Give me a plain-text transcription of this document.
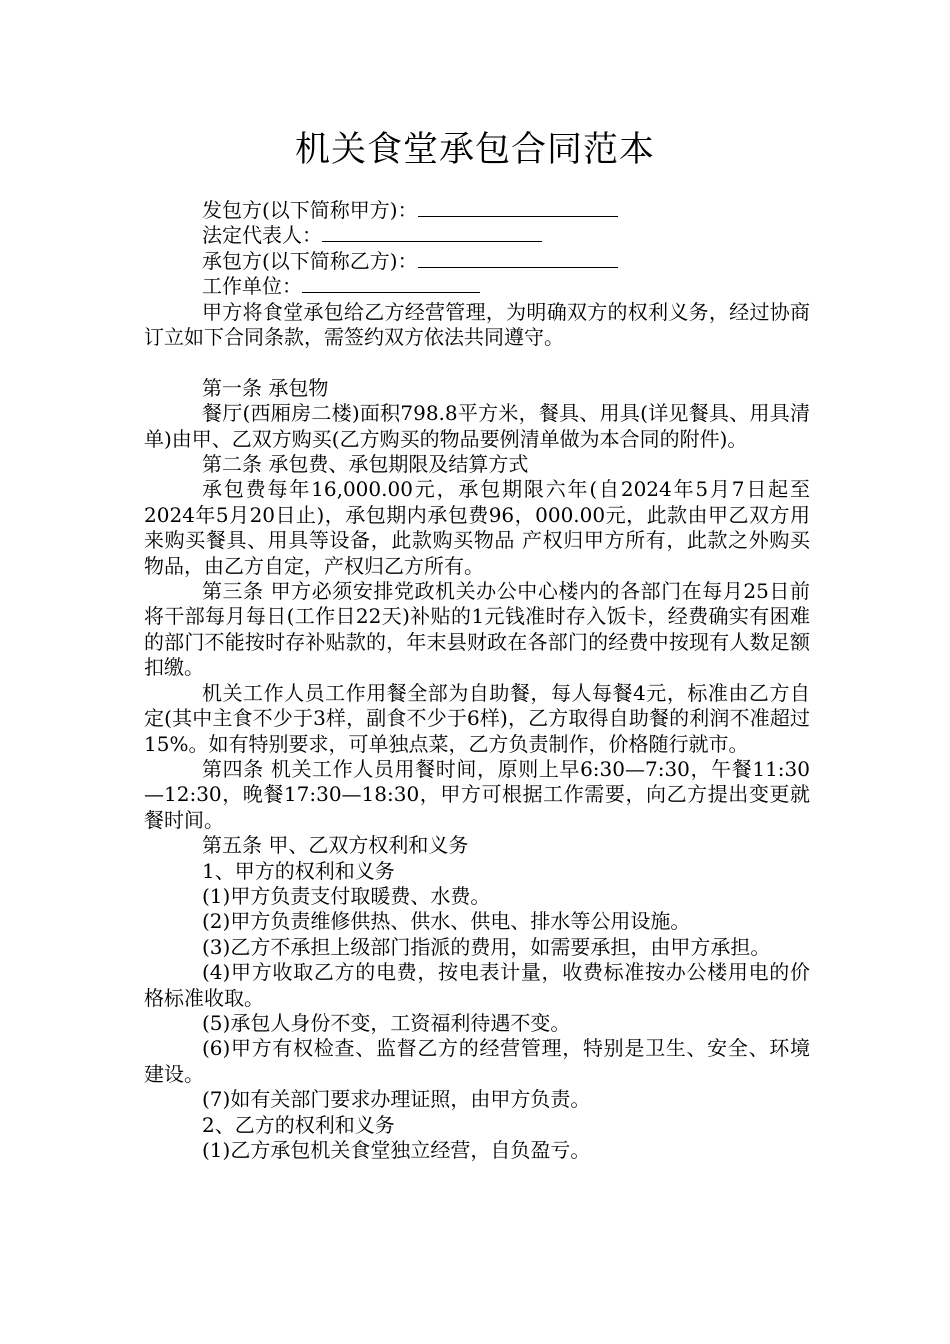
机关食堂承包合同范本
发包方(以下简称甲方)：
法定代表人：
承包方(以下简称乙方)：
工作单位：
甲方将食堂承包给乙方经营管理，为明确双方的权利义务，经过协商订立如下合同条款，需签约双方依法共同遵守。
第一条 承包物
餐厅(西厢房二楼)面积798.8平方米，餐具、用具(详见餐具、用具清单)由甲、乙双方购买(乙方购买的物品要例清单做为本合同的附件)。
第二条 承包费、承包期限及结算方式
承包费每年16,000.00元，承包期限六年(自2024年5月7日起至2024年5月20日止)，承包期内承包费96，000.00元，此款由甲乙双方用来购买餐具、用具等设备，此款购买物品 产权归甲方所有，此款之外购买物品，由乙方自定，产权归乙方所有。
第三条 甲方必须安排党政机关办公中心楼内的各部门在每月25日前将干部每月每日(工作日22天)补贴的1元钱准时存入饭卡，经费确实有困难的部门不能按时存补贴款的，年末县财政在各部门的经费中按现有人数足额扣缴。
机关工作人员工作用餐全部为自助餐，每人每餐4元，标准由乙方自定(其中主食不少于3样，副食不少于6样)，乙方取得自助餐的利润不准超过15%。如有特别要求，可单独点菜，乙方负责制作，价格随行就市。
第四条 机关工作人员用餐时间，原则上早6:30—7:30，午餐11:30—12:30，晚餐17:30—18:30，甲方可根据工作需要，向乙方提出变更就餐时间。
第五条 甲、乙双方权利和义务
1、甲方的权利和义务
(1)甲方负责支付取暖费、水费。
(2)甲方负责维修供热、供水、供电、排水等公用设施。
(3)乙方不承担上级部门指派的费用，如需要承担，由甲方承担。
(4)甲方收取乙方的电费，按电表计量，收费标准按办公楼用电的价格标准收取。
(5)承包人身份不变，工资福利待遇不变。
(6)甲方有权检查、监督乙方的经营管理，特别是卫生、安全、环境建设。
(7)如有关部门要求办理证照，由甲方负责。
2、乙方的权利和义务
(1)乙方承包机关食堂独立经营，自负盈亏。
